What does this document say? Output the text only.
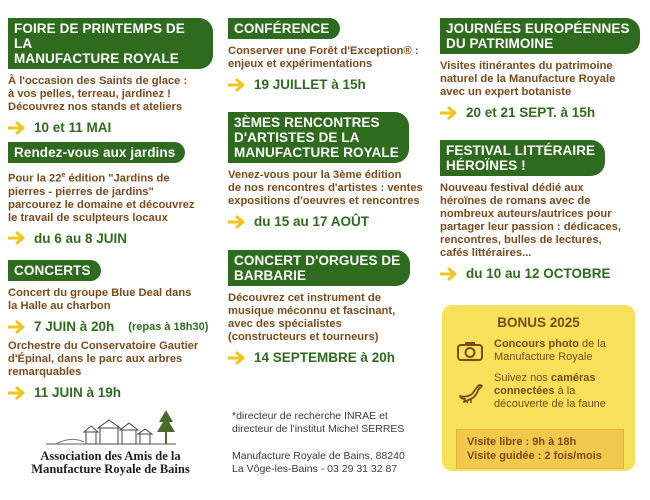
FOIRE DE PRINTEMPS DE LA
MANUFACTURE ROYALE
À l'occasion des Saints de glace :
à vos pelles, terreau, jardinez !
Découvrez nos stands et ateliers
10 et 11 MAI
Rendez-vous aux jardins
Pour la 22e édition "Jardins de
pierres - pierres de jardins"
parcourez le domaine et découvrez
le travail de sculpteurs locaux
du 6 au 8 JUIN
CONCERTS
Concert du groupe Blue Deal dans
la Halle au charbon
7 JUIN à 20h (repas à 18h30)
Orchestre du Conservatoire Gautier
d'Épinal, dans le parc aux arbres
remarquables
11 JUIN à 19h
Association des Amis de la
Manufacture Royale de Bains
CONFÉRENCE
Conserver une Forêt d'Exception® :
enjeux et expérimentations
19 JUILLET à 15h
3ÈMES RENCONTRES
D'ARTISTES DE LA
MANUFACTURE ROYALE
Venez-vous pour la 3ème édition
de nos rencontres d'artistes : ventes
expositions d'oeuvres et rencontres
du 15 au 17 AOÛT
CONCERT D'ORGUES DE
BARBARIE
Découvrez cet instrument de
musique méconnu et fascinant,
avec des spécialistes
(constructeurs et tourneurs)
14 SEPTEMBRE à 20h
*directeur de recherche INRAE et
directeur de l'institut Michel SERRES
Manufacture Royale de Bains, 88240
La Vôge-les-Bains - 03 29 31 32 87
JOURNÉES EUROPÉENNES
DU PATRIMOINE
Visites itinérantes du patrimoine
naturel de la Manufacture Royale
avec un expert botaniste
20 et 21 SEPT. à 15h
FESTIVAL LITTÉRAIRE
HÉROÏNES !
Nouveau festival dédié aux
héroïnes de romans avec de
nombreux auteurs/autrices pour
partager leur passion : dédicaces,
rencontres, bulles de lectures,
cafés littéraires...
du 10 au 12 OCTOBRE
BONUS 2025
Concours photo de la
Manufacture Royale
Suivez nos caméras
connectées à la
découverte de la faune
Visite libre : 9h à 18h
Visite guidée : 2 fois/mois
